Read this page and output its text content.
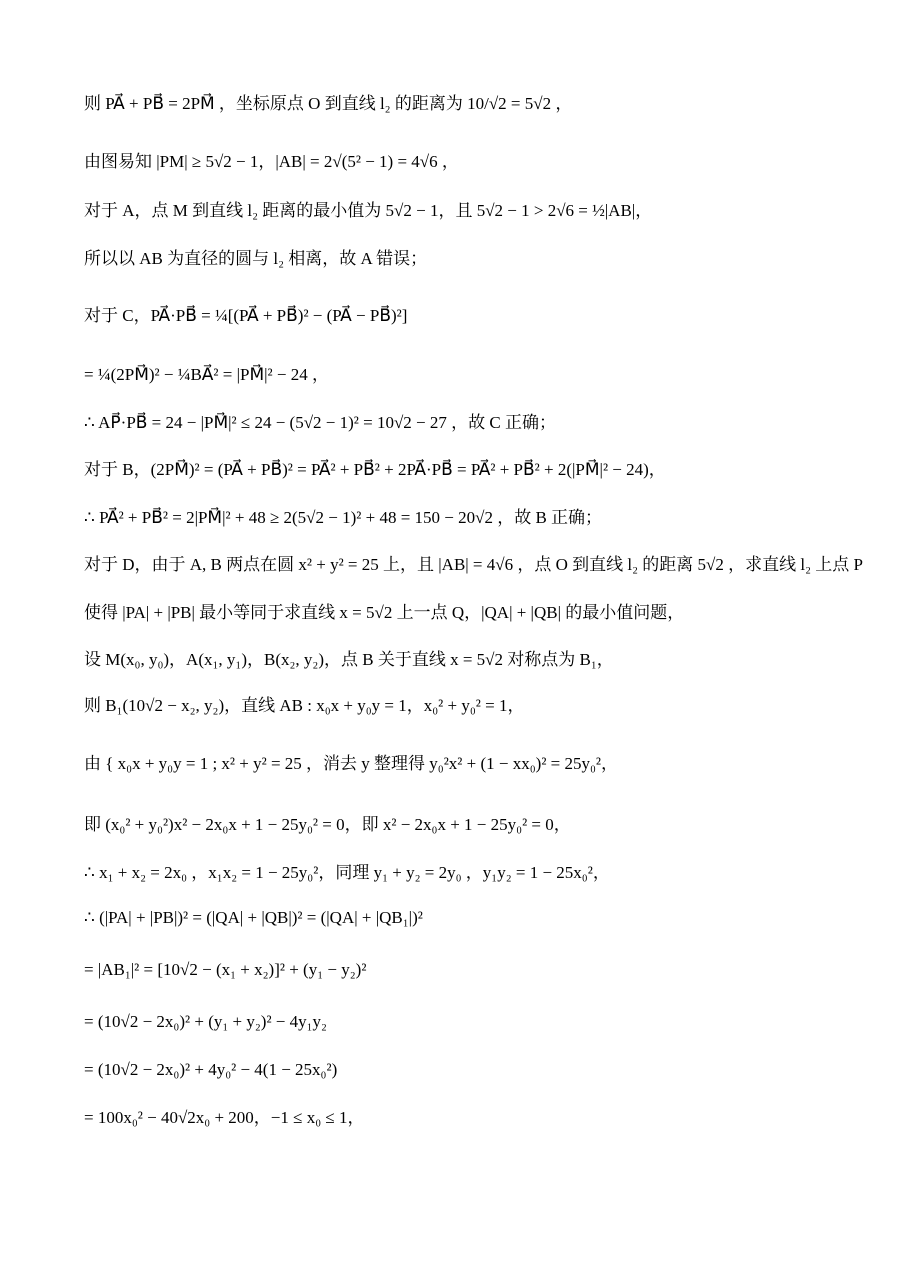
则 PA⃗ + PB⃗ = 2PM⃗ ，坐标原点 O 到直线 l₂ 的距离为 10/√2 = 5√2 ，
由图易知 |PM| ≥ 5√2 − 1，|AB| = 2√(5² − 1) = 4√6 ，
对于 A，点 M 到直线 l₂ 距离的最小值为 5√2 − 1，且 5√2 − 1 > 2√6 = ½|AB|，
所以以 AB 为直径的圆与 l₂ 相离，故 A 错误；
对于 C，PA⃗·PB⃗ = ¼[(PA⃗ + PB⃗)² − (PA⃗ − PB⃗)²]
= ¼(2PM⃗)² − ¼BA⃗² = |PM⃗|² − 24 ，
∴ AP⃗·PB⃗ = 24 − |PM⃗|² ≤ 24 − (5√2 − 1)² = 10√2 − 27 ，故 C 正确；
对于 B，(2PM⃗)² = (PA⃗ + PB⃗)² = PA⃗² + PB⃗² + 2PA⃗·PB⃗ = PA⃗² + PB⃗² + 2(|PM⃗|² − 24)，
∴ PA⃗² + PB⃗² = 2|PM⃗|² + 48 ≥ 2(5√2 − 1)² + 48 = 150 − 20√2 ，故 B 正确；
对于 D，由于 A, B 两点在圆 x² + y² = 25 上，且 |AB| = 4√6 ，点 O 到直线 l₂ 的距离 5√2 ，求直线 l₂ 上点 P
使得 |PA| + |PB| 最小等同于求直线 x = 5√2 上一点 Q，|QA| + |QB| 的最小值问题，
设 M(x₀, y₀)，A(x₁, y₁)，B(x₂, y₂)，点 B 关于直线 x = 5√2 对称点为 B₁，
则 B₁(10√2 − x₂, y₂)，直线 AB : x₀x + y₀y = 1，x₀² + y₀² = 1，
由 { x₀x + y₀y = 1 ; x² + y² = 25 ，消去 y 整理得 y₀²x² + (1 − xx₀)² = 25y₀²，
即 (x₀² + y₀²)x² − 2x₀x + 1 − 25y₀² = 0，即 x² − 2x₀x + 1 − 25y₀² = 0，
∴ x₁ + x₂ = 2x₀ ，x₁x₂ = 1 − 25y₀²，同理 y₁ + y₂ = 2y₀ ，y₁y₂ = 1 − 25x₀²，
∴ (|PA| + |PB|)² = (|QA| + |QB|)² = (|QA| + |QB₁|)²
= |AB₁|² = [10√2 − (x₁ + x₂)]² + (y₁ − y₂)²
= (10√2 − 2x₀)² + (y₁ + y₂)² − 4y₁y₂
= (10√2 − 2x₀)² + 4y₀² − 4(1 − 25x₀²)
= 100x₀² − 40√2x₀ + 200，−1 ≤ x₀ ≤ 1，
